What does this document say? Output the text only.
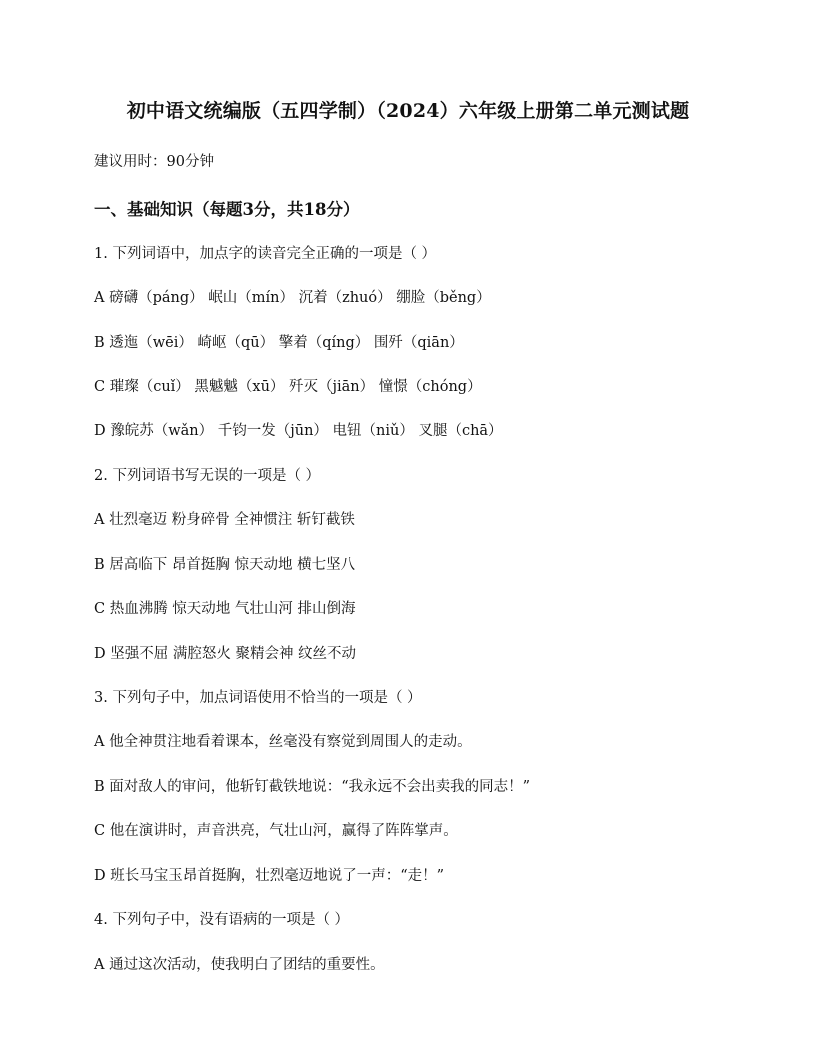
初中语文统编版（五四学制）（2024）六年级上册第二单元测试题
建议用时：90分钟
一、基础知识（每题3分，共18分）
1. 下列词语中，加点字的读音完全正确的一项是（ ）
A 磅礴（páng） 岷山（mín） 沉着（zhuó） 绷脸（běng）
B 透迤（wēi） 崎岖（qū） 擎着（qíng） 围歼（qiān）
C 璀璨（cuǐ） 黑魆魆（xū） 歼灭（jiān） 憧憬（chóng）
D 豫皖苏（wǎn） 千钧一发（jūn） 电钮（niǔ） 叉腿（chā）
2. 下列词语书写无误的一项是（ ）
A 壮烈毫迈 粉身碎骨 全神惯注 斩钉截铁
B 居高临下 昂首挺胸 惊天动地 横七坚八
C 热血沸腾 惊天动地 气壮山河 排山倒海
D 坚强不屈 满腔怒火 聚精会神 纹丝不动
3. 下列句子中，加点词语使用不恰当的一项是（ ）
A 他全神贯注地看着课本，丝毫没有察觉到周围人的走动。
B 面对敌人的审问，他斩钉截铁地说：“我永远不会出卖我的同志！”
C 他在演讲时，声音洪亮，气壮山河，赢得了阵阵掌声。
D 班长马宝玉昂首挺胸，壮烈毫迈地说了一声：“走！”
4. 下列句子中，没有语病的一项是（ ）
A 通过这次活动，使我明白了团结的重要性。
